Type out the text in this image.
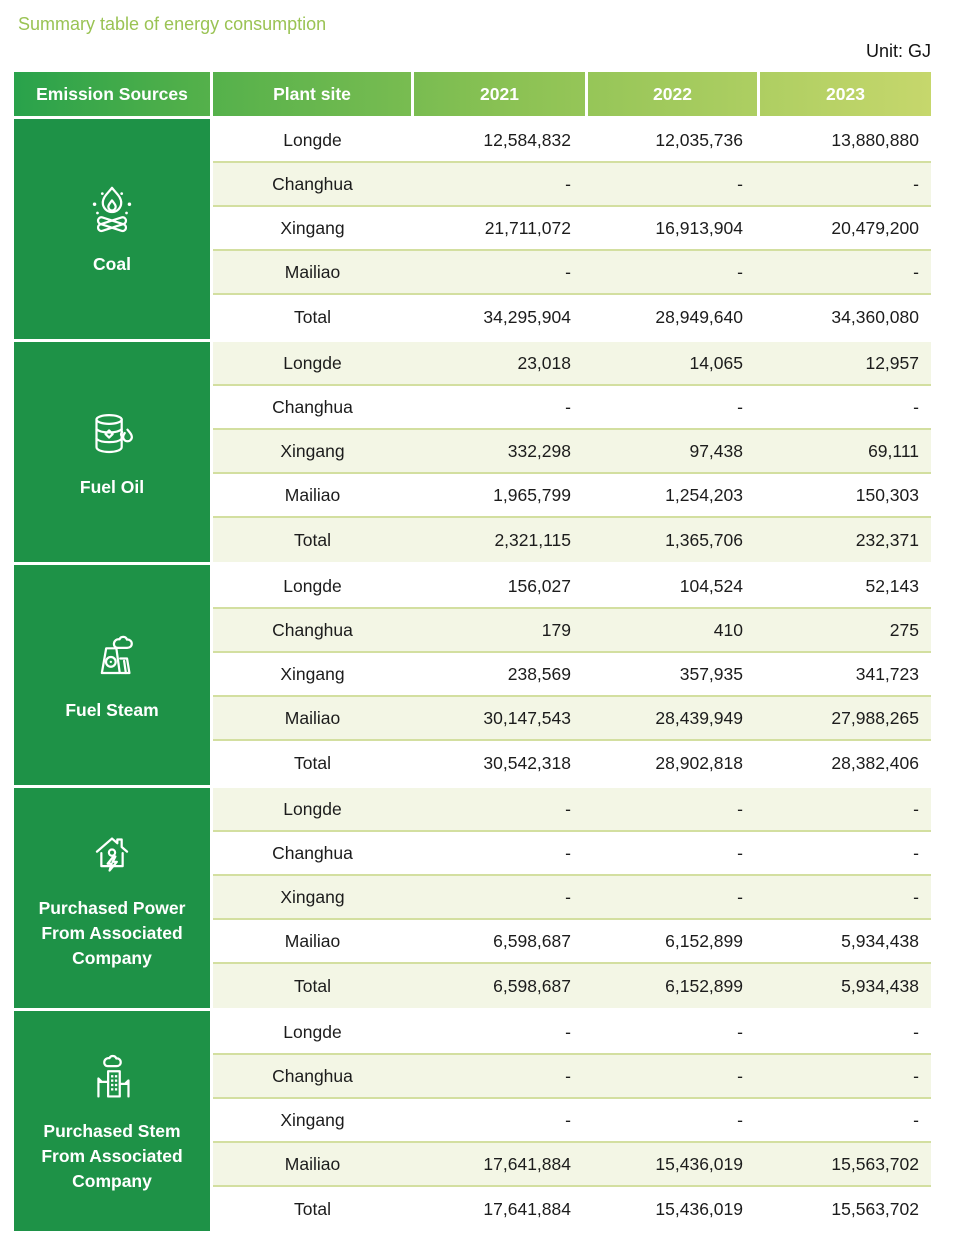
Summary table of energy consumption
Unit: GJ
Emission Sources	Plant site	2021	2022	2023
Coal
Longde	12,584,832	12,035,736	13,880,880
Changhua	-	-	-
Xingang	21,711,072	16,913,904	20,479,200
Mailiao	-	-	-
Total	34,295,904	28,949,640	34,360,080
Fuel Oil
Longde	23,018	14,065	12,957
Changhua	-	-	-
Xingang	332,298	97,438	69,111
Mailiao	1,965,799	1,254,203	150,303
Total	2,321,115	1,365,706	232,371
Fuel Steam
Longde	156,027	104,524	52,143
Changhua	179	410	275
Xingang	238,569	357,935	341,723
Mailiao	30,147,543	28,439,949	27,988,265
Total	30,542,318	28,902,818	28,382,406
Purchased Power From Associated Company
Longde	-	-	-
Changhua	-	-	-
Xingang	-	-	-
Mailiao	6,598,687	6,152,899	5,934,438
Total	6,598,687	6,152,899	5,934,438
Purchased Stem From Associated Company
Longde	-	-	-
Changhua	-	-	-
Xingang	-	-	-
Mailiao	17,641,884	15,436,019	15,563,702
Total	17,641,884	15,436,019	15,563,702
